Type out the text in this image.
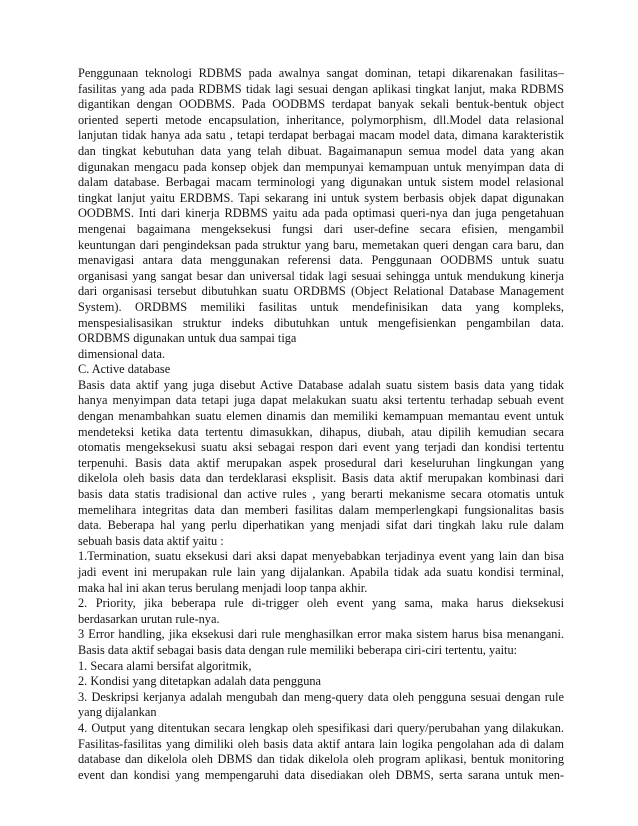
Penggunaan teknologi RDBMS pada awalnya sangat dominan, tetapi dikarenakan fasilitas–
fasilitas yang ada pada RDBMS tidak lagi sesuai dengan aplikasi tingkat lanjut, maka RDBMS
digantikan dengan OODBMS. Pada OODBMS terdapat banyak sekali bentuk-bentuk object
oriented seperti metode encapsulation, inheritance, polymorphism, dll.Model data relasional
lanjutan tidak hanya ada satu , tetapi terdapat berbagai macam model data, dimana karakteristik
dan tingkat kebutuhan data yang telah dibuat. Bagaimanapun semua model data yang akan
digunakan mengacu pada konsep objek dan mempunyai kemampuan untuk menyimpan data di
dalam database. Berbagai macam terminologi yang digunakan untuk sistem model relasional
tingkat lanjut yaitu ERDBMS. Tapi sekarang ini untuk system berbasis objek dapat digunakan
OODBMS. Inti dari kinerja RDBMS yaitu ada pada optimasi queri-nya dan juga pengetahuan
mengenai bagaimana mengeksekusi fungsi dari user-define secara efisien, mengambil
keuntungan dari pengindeksan pada struktur yang baru, memetakan queri dengan cara baru, dan
menavigasi antara data menggunakan referensi data. Penggunaan OODBMS untuk suatu
organisasi yang sangat besar dan universal tidak lagi sesuai sehingga untuk mendukung kinerja
dari organisasi tersebut dibutuhkan suatu ORDBMS (Object Relational Database Management
System). ORDBMS memiliki fasilitas untuk mendefinisikan data yang kompleks,
menspesialisasikan struktur indeks dibutuhkan untuk mengefisienkan pengambilan data.
ORDBMS digunakan untuk dua sampai tiga
dimensional data.
C. Active database
Basis data aktif yang juga disebut Active Database adalah suatu sistem basis data yang tidak
hanya menyimpan data tetapi juga dapat melakukan suatu aksi tertentu terhadap sebuah event
dengan menambahkan suatu elemen dinamis dan memiliki kemampuan memantau event untuk
mendeteksi ketika data tertentu dimasukkan, dihapus, diubah, atau dipilih kemudian secara
otomatis mengeksekusi suatu aksi sebagai respon dari event yang terjadi dan kondisi tertentu
terpenuhi. Basis data aktif merupakan aspek prosedural dari keseluruhan lingkungan yang
dikelola oleh basis data dan terdeklarasi eksplisit. Basis data aktif merupakan kombinasi dari
basis data statis tradisional dan active rules , yang berarti mekanisme secara otomatis untuk
memelihara integritas data dan memberi fasilitas dalam memperlengkapi fungsionalitas basis
data. Beberapa hal yang perlu diperhatikan yang menjadi sifat dari tingkah laku rule dalam
sebuah basis data aktif yaitu :
1.Termination, suatu eksekusi dari aksi dapat menyebabkan terjadinya event yang lain dan bisa
jadi event ini merupakan rule lain yang dijalankan. Apabila tidak ada suatu kondisi terminal,
maka hal ini akan terus berulang menjadi loop tanpa akhir.
2. Priority, jika beberapa rule di-trigger oleh event yang sama, maka harus dieksekusi
berdasarkan urutan rule-nya.
3 Error handling, jika eksekusi dari rule menghasilkan error maka sistem harus bisa menangani.
Basis data aktif sebagai basis data dengan rule memiliki beberapa ciri-ciri tertentu, yaitu:
1. Secara alami bersifat algoritmik,
2. Kondisi yang ditetapkan adalah data pengguna
3. Deskripsi kerjanya adalah mengubah dan meng-query data oleh pengguna sesuai dengan rule
yang dijalankan
4. Output yang ditentukan secara lengkap oleh spesifikasi dari query/perubahan yang dilakukan.
Fasilitas-fasilitas yang dimiliki oleh basis data aktif antara lain logika pengolahan ada di dalam
database dan dikelola oleh DBMS dan tidak dikelola oleh program aplikasi, bentuk monitoring
event dan kondisi yang mempengaruhi data disediakan oleh DBMS, serta sarana untuk men-
